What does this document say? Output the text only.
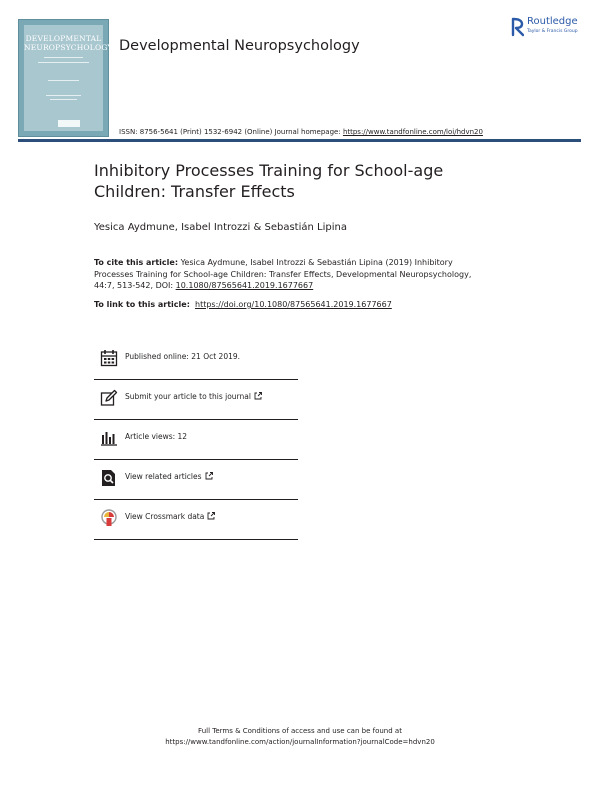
DEVELOPMENTAL
NEUROPSYCHOLOGY Developmental Neuropsychology
Routledge
Taylor & Francis Group
ISSN: 8756-5641 (Print) 1532-6942 (Online) Journal homepage: https://www.tandfonline.com/loi/hdvn20
Inhibitory Processes Training for School-age Children: Transfer Effects
Yesica Aydmune, Isabel Introzzi & Sebastián Lipina
To cite this article: Yesica Aydmune, Isabel Introzzi & Sebastián Lipina (2019) Inhibitory Processes Training for School-age Children: Transfer Effects, Developmental Neuropsychology, 44:7, 513-542, DOI: 10.1080/87565641.2019.1677667
To link to this article: https://doi.org/10.1080/87565641.2019.1677667
Published online: 21 Oct 2019.
Submit your article to this journal
Article views: 12
View related articles
View Crossmark data
Full Terms & Conditions of access and use can be found at
https://www.tandfonline.com/action/journalInformation?journalCode=hdvn20
